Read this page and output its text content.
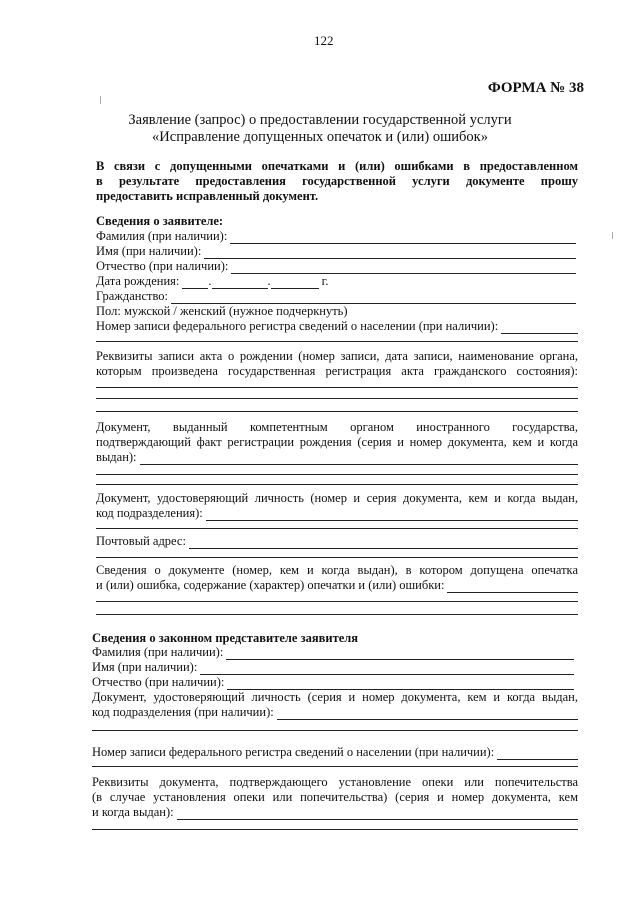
122
ФОРМА № 38
Заявление (запрос) о предоставлении государственной услуги
«Исправление допущенных опечаток и (или) ошибок»
В связи с допущенными опечатками и (или) ошибками в предоставленном
в результате предоставления государственной услуги документе прошу
предоставить исправленный документ.
Сведения о заявителе:
Фамилия (при наличии):
Имя (при наличии):
Отчество (при наличии):
Дата рождения: .	.	г.
Гражданство:
Пол: мужской / женский (нужное подчеркнуть)
Номер записи федерального регистра сведений о населении (при наличии):
Реквизиты записи акта о рождении (номер записи, дата записи, наименование органа,
которым произведена государственная регистрация акта гражданского состояния):
Документ, выданный компетентным органом иностранного государства,
подтверждающий факт регистрации рождения (серия и номер документа, кем и когда
выдан):
Документ, удостоверяющий личность (номер и серия документа, кем и когда выдан,
код подразделения):
Почтовый адрес:
Сведения о документе (номер, кем и когда выдан), в котором допущена опечатка
и (или) ошибка, содержание (характер) опечатки и (или) ошибки:
Сведения о законном представителе заявителя
Фамилия (при наличии):
Имя (при наличии):
Отчество (при наличии):
Документ, удостоверяющий личность (серия и номер документа, кем и когда выдан,
код подразделения (при наличии):
Номер записи федерального регистра сведений о населении (при наличии):
Реквизиты документа, подтверждающего установление опеки или попечительства
(в случае установления опеки или попечительства) (серия и номер документа, кем
и когда выдан):
